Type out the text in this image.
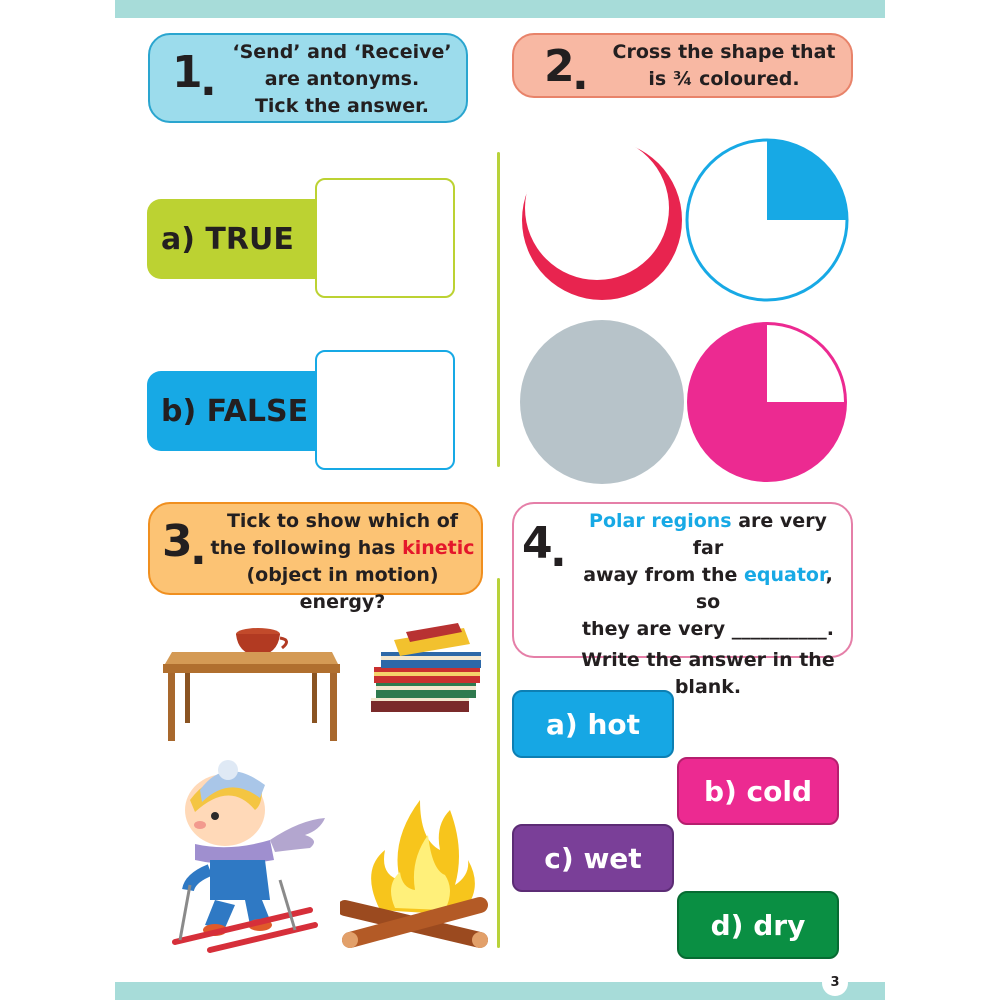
3
1
.
‘Send’ and ‘Receive’
are antonyms.
Tick the answer.
a) TRUE
b) FALSE
2
.	Cross the shape that
is ¾ coloured.
3
.
Tick to show which of
the following has kinetic
(object in motion) energy?
4
.
Polar regions are very far
away from the equator, so
they are very __________.
Write the answer in the
blank.
a) hot
b) cold
c) wet
d) dry
